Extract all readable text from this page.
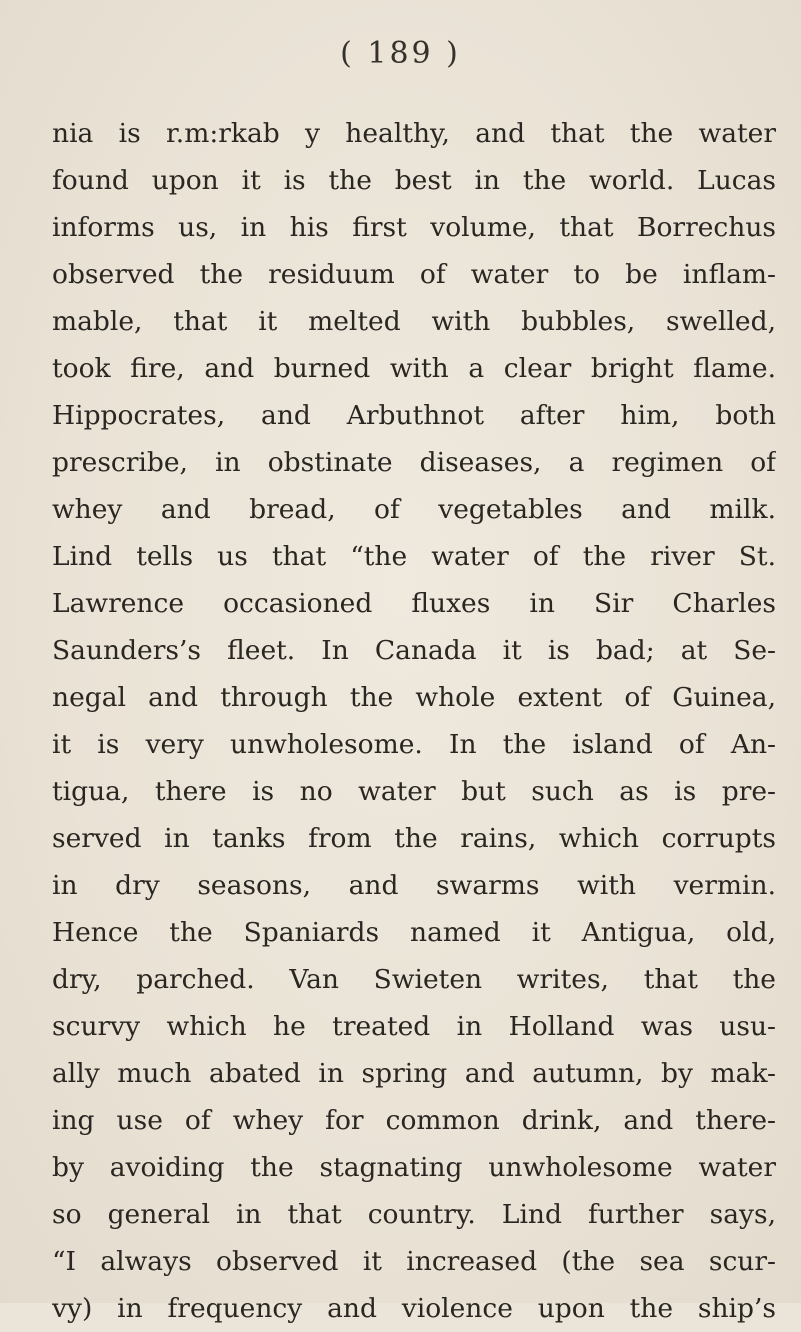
( 189 )
nia is r.m:rkab y healthy, and that the water
found upon it is the best in the world. Lucas
informs us, in his first volume, that Borrechus
observed the residuum of water to be inflam-
mable, that it melted with bubbles, swelled,
took fire, and burned with a clear bright flame.
Hippocrates, and Arbuthnot after him, both
prescribe, in obstinate diseases, a regimen of
whey and bread, of vegetables and milk.
Lind tells us that “the water of the river St.
Lawrence occasioned fluxes in Sir Charles
Saunders’s fleet. In Canada it is bad; at Se-
negal and through the whole extent of Guinea,
it is very unwholesome. In the island of An-
tigua, there is no water but such as is pre-
served in tanks from the rains, which corrupts
in dry seasons, and swarms with vermin.
Hence the Spaniards named it Antigua, old,
dry, parched. Van Swieten writes, that the
scurvy which he treated in Holland was usu-
ally much abated in spring and autumn, by mak-
ing use of whey for common drink, and there-
by avoiding the stagnating unwholesome water
so general in that country. Lind further says,
“I always observed it increased (the sea scur-
vy) in frequency and violence upon the ship’s
